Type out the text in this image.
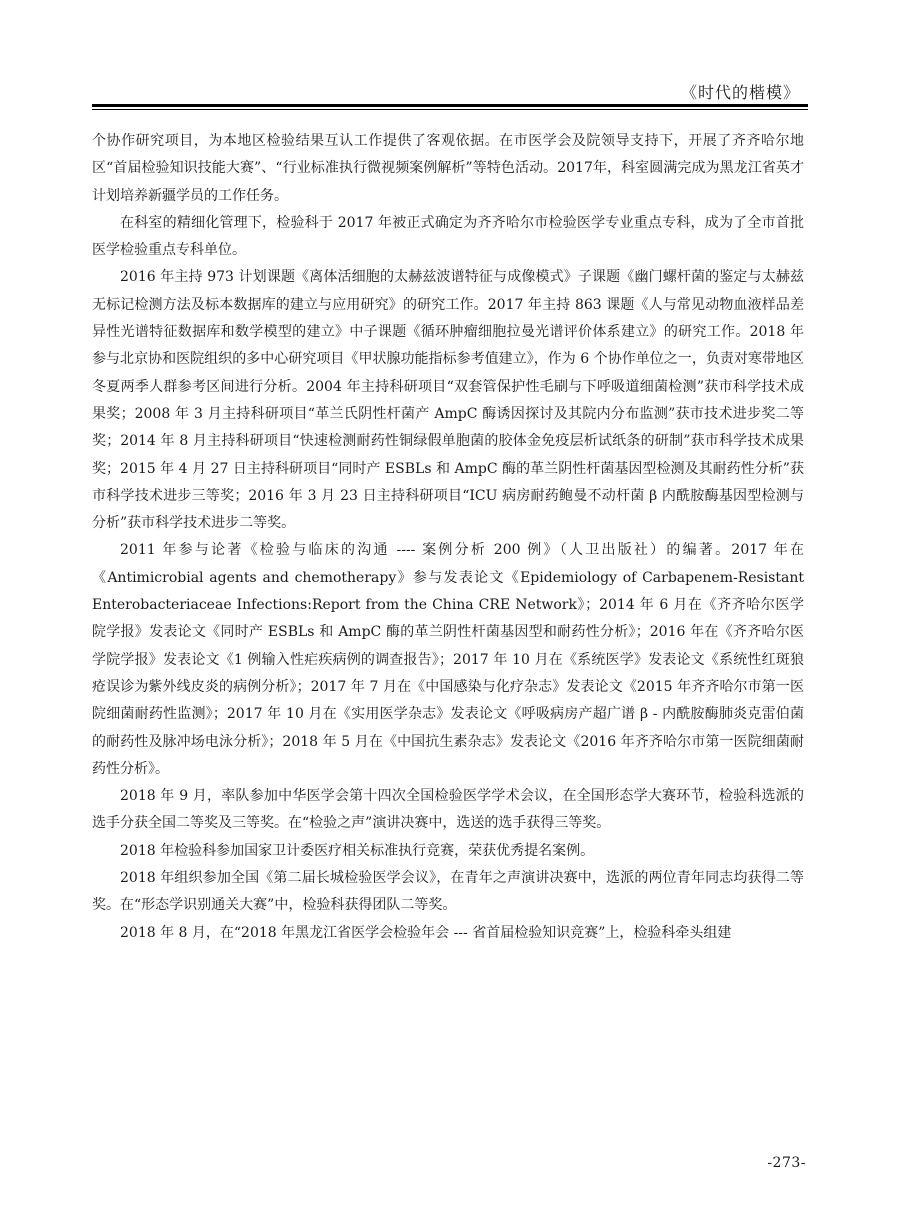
《时代的楷模》

个协作研究项目，为本地区检验结果互认工作提供了客观依据。在市医学会及院领导支持下，开展了齐齐哈尔地区“首届检验知识技能大赛”、“行业标准执行微视频案例解析”等特色活动。2017年，科室圆满完成为黑龙江省英才计划培养新疆学员的工作任务。

在科室的精细化管理下，检验科于 2017 年被正式确定为齐齐哈尔市检验医学专业重点专科，成为了全市首批医学检验重点专科单位。

2016 年主持 973 计划课题《离体活细胞的太赫兹波谱特征与成像模式》子课题《幽门螺杆菌的鉴定与太赫兹无标记检测方法及标本数据库的建立与应用研究》的研究工作。2017 年主持 863 课题《人与常见动物血液样品差异性光谱特征数据库和数学模型的建立》中子课题《循环肿瘤细胞拉曼光谱评价体系建立》的研究工作。2018 年参与北京协和医院组织的多中心研究项目《甲状腺功能指标参考值建立》，作为 6 个协作单位之一，负责对寒带地区冬夏两季人群参考区间进行分析。2004 年主持科研项目“双套管保护性毛刷与下呼吸道细菌检测”获市科学技术成果奖；2008 年 3 月主持科研项目“革兰氏阴性杆菌产 AmpC 酶诱因探讨及其院内分布监测”获市技术进步奖二等奖；2014 年 8 月主持科研项目“快速检测耐药性铜绿假单胞菌的胶体金免疫层析试纸条的研制”获市科学技术成果奖；2015 年 4 月 27 日主持科研项目“同时产 ESBLs 和 AmpC 酶的革兰阴性杆菌基因型检测及其耐药性分析”获市科学技术进步三等奖；2016 年 3 月 23 日主持科研项目“ICU 病房耐药鲍曼不动杆菌 β 内酰胺酶基因型检测与分析”获市科学技术进步二等奖。

2011 年参与论著《检验与临床的沟通 ---- 案例分析 200 例》（人卫出版社）的编著。2017 年在《Antimicrobial agents and chemotherapy》参与发表论文《Epidemiology of Carbapenem-Resistant Enterobacteriaceae Infections:Report from the China CRE Network》；2014 年 6 月在《齐齐哈尔医学院学报》发表论文《同时产 ESBLs 和 AmpC 酶的革兰阴性杆菌基因型和耐药性分析》；2016 年在《齐齐哈尔医学院学报》发表论文《1 例输入性疟疾病例的调查报告》；2017 年 10 月在《系统医学》发表论文《系统性红斑狼疮误诊为紫外线皮炎的病例分析》；2017 年 7 月在《中国感染与化疗杂志》发表论文《2015 年齐齐哈尔市第一医院细菌耐药性监测》；2017 年 10 月在《实用医学杂志》发表论文《呼吸病房产超广谱 β - 内酰胺酶肺炎克雷伯菌的耐药性及脉冲场电泳分析》；2018 年 5 月在《中国抗生素杂志》发表论文《2016 年齐齐哈尔市第一医院细菌耐药性分析》。

2018 年 9 月，率队参加中华医学会第十四次全国检验医学学术会议，在全国形态学大赛环节，检验科选派的选手分获全国二等奖及三等奖。在“检验之声”演讲决赛中，选送的选手获得三等奖。

2018 年检验科参加国家卫计委医疗相关标准执行竞赛，荣获优秀提名案例。

2018 年组织参加全国《第二届长城检验医学会议》，在青年之声演讲决赛中，选派的两位青年同志均获得二等奖。在“形态学识别通关大赛”中，检验科获得团队二等奖。

2018 年 8 月，在“2018 年黑龙江省医学会检验年会 --- 省首届检验知识竞赛”上，检验科牵头组建

-273-
